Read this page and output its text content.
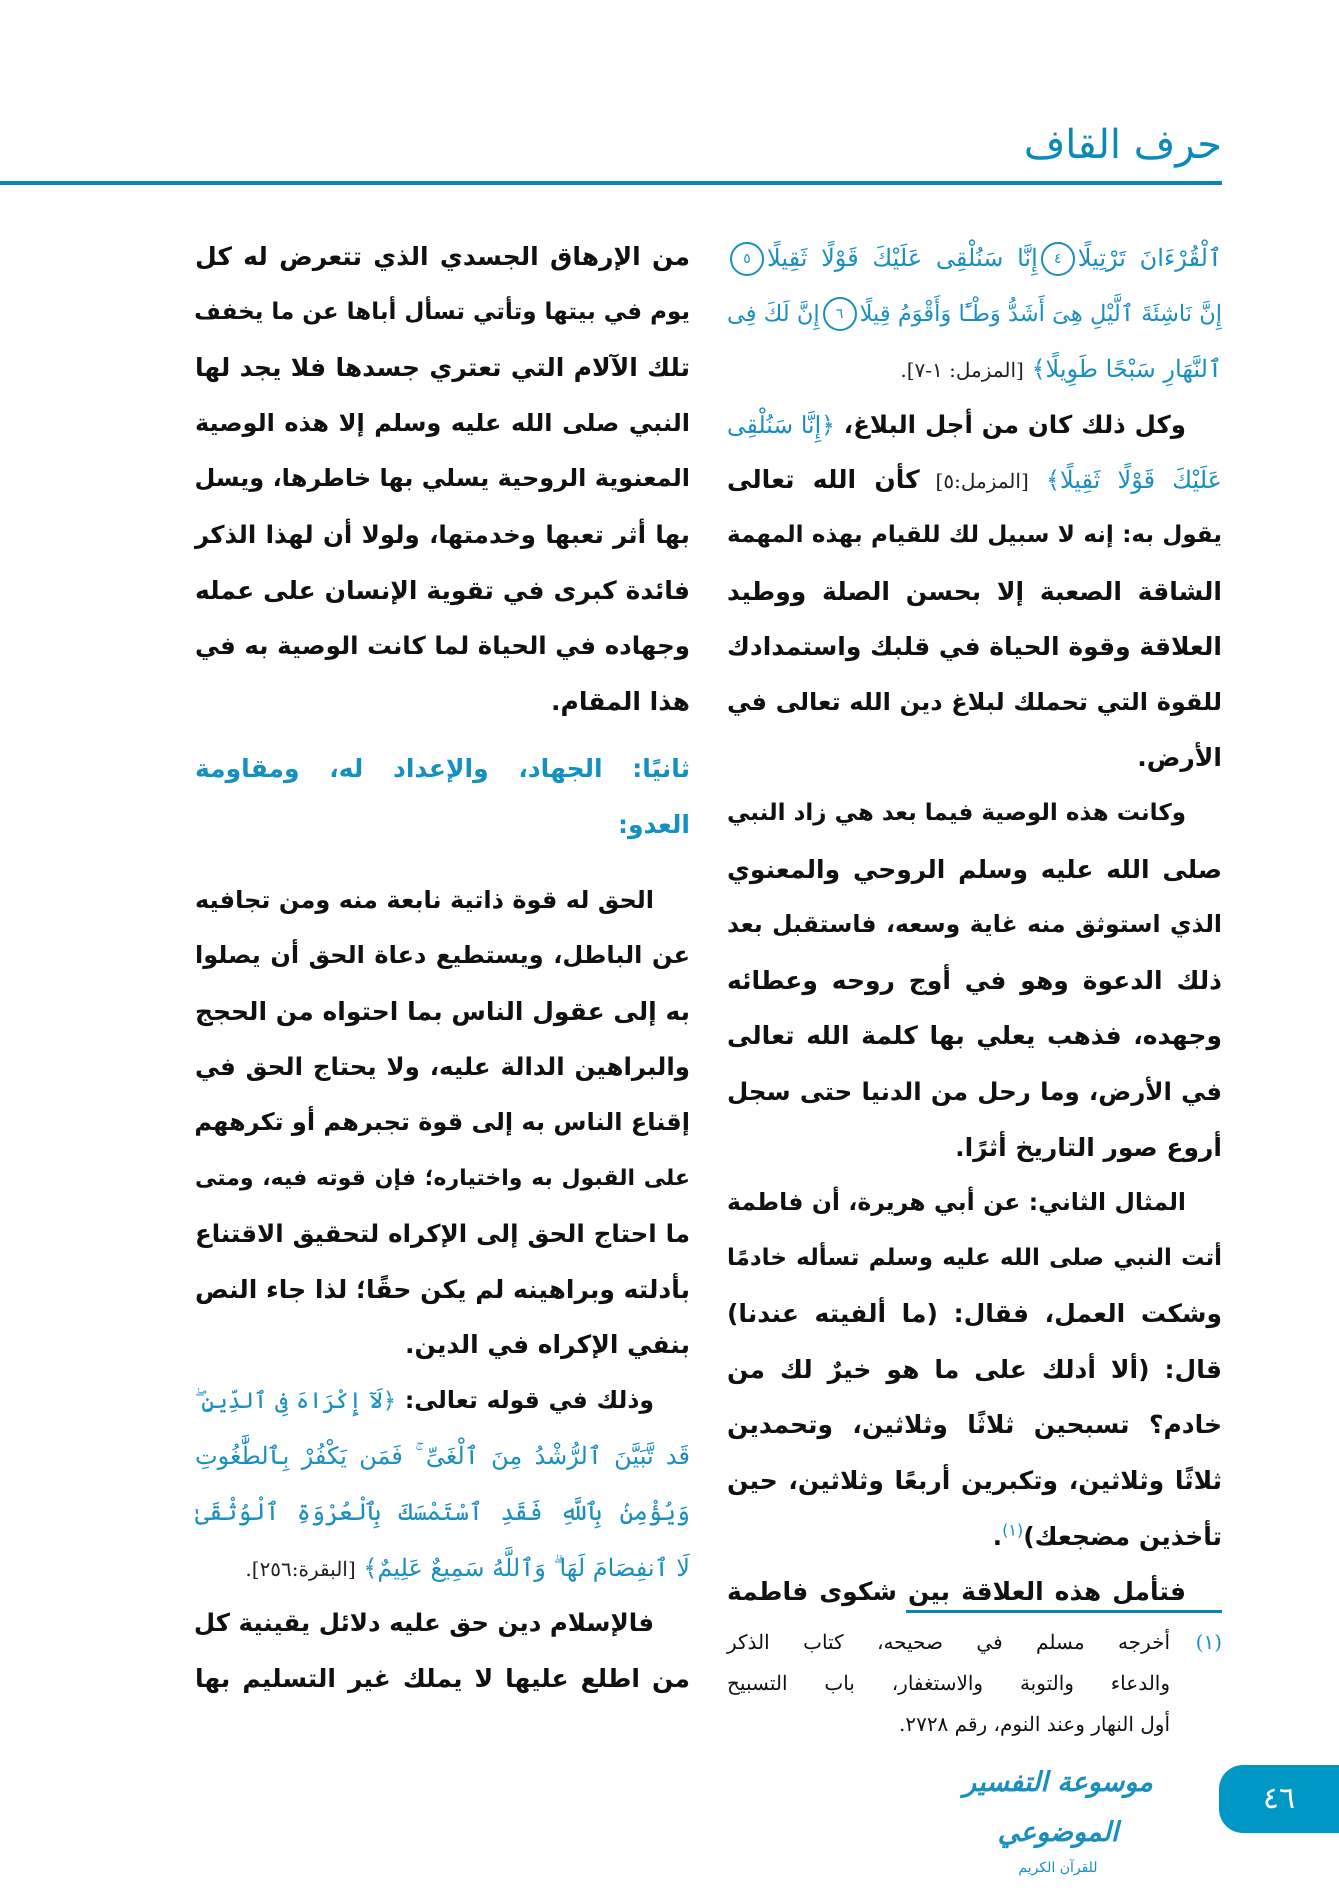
حرف القاف
ٱلْقُرْءَانَ تَرْتِيلًا٤إِنَّا سَنُلْقِى عَلَيْكَ قَوْلًا ثَقِيلًا٥
إِنَّ نَاشِئَةَ ٱلَّيْلِ هِىَ أَشَدُّ وَطْـًٔا وَأَقْوَمُ قِيلًا٦إِنَّ لَكَ فِى
ٱلنَّهَارِ سَبْحًا طَوِيلًا﴾ [المزمل: ١-٧].
وكل ذلك كان من أجل البلاغ، ﴿إِنَّا سَنُلْقِى
عَلَيْكَ قَوْلًا ثَقِيلًا﴾ [المزمل:٥] كأن الله تعالى
يقول به: إنه لا سبيل لك للقيام بهذه المهمة
الشاقة الصعبة إلا بحسن الصلة ووطيد
العلاقة وقوة الحياة في قلبك واستمدادك
للقوة التي تحملك لبلاغ دين الله تعالى في
الأرض.
وكانت هذه الوصية فيما بعد هي زاد النبي
صلى الله عليه وسلم الروحي والمعنوي
الذي استوثق منه غاية وسعه، فاستقبل بعد
ذلك الدعوة وهو في أوج روحه وعطائه
وجهده، فذهب يعلي بها كلمة الله تعالى
في الأرض، وما رحل من الدنيا حتى سجل
أروع صور التاريخ أثرًا.
المثال الثاني: عن أبي هريرة، أن فاطمة
أتت النبي صلى الله عليه وسلم تسأله خادمًا
وشكت العمل، فقال: (ما ألفيته عندنا)
قال: (ألا أدلك على ما هو خيرٌ لك من
خادم؟ تسبحين ثلاثًا وثلاثين، وتحمدين
ثلاثًا وثلاثين، وتكبرين أربعًا وثلاثين، حين
تأخذين مضجعك)$^{(١)}$.
فتأمل هذه العلاقة بين شكوى فاطمة
من الإرهاق الجسدي الذي تتعرض له كل
يوم في بيتها وتأتي تسأل أباها عن ما يخفف
تلك الآلام التي تعتري جسدها فلا يجد لها
النبي صلى الله عليه وسلم إلا هذه الوصية
المعنوية الروحية يسلي بها خاطرها، ويسل
بها أثر تعبها وخدمتها، ولولا أن لهذا الذكر
فائدة كبرى في تقوية الإنسان على عمله
وجهاده في الحياة لما كانت الوصية به في
هذا المقام.
ثانيًا: الجهاد، والإعداد له، ومقاومة
العدو:
الحق له قوة ذاتية نابعة منه ومن تجافيه
عن الباطل، ويستطيع دعاة الحق أن يصلوا
به إلى عقول الناس بما احتواه من الحجج
والبراهين الدالة عليه، ولا يحتاج الحق في
إقناع الناس به إلى قوة تجبرهم أو تكرههم
على القبول به واختياره؛ فإن قوته فيه، ومتى
ما احتاج الحق إلى الإكراه لتحقيق الاقتناع
بأدلته وبراهينه لم يكن حقًا؛ لذا جاء النص
بنفي الإكراه في الدين.
وذلك في قوله تعالى: ﴿لَآ إِكْرَاهَ فِى ٱلدِّينِ ۖ
قَد تَّبَيَّنَ ٱلرُّشْدُ مِنَ ٱلْغَىِّ ۚ فَمَن يَكْفُرْ بِٱلطَّٰغُوتِ
وَيُؤْمِنۢ بِٱللَّهِ فَقَدِ ٱسْتَمْسَكَ بِٱلْعُرْوَةِ ٱلْوُثْقَىٰ
لَا ٱنفِصَامَ لَهَا ۗ وَٱللَّهُ سَمِيعٌ عَلِيمٌ﴾ [البقرة:٢٥٦].
فالإسلام دين حق عليه دلائل يقينية كل
من اطلع عليها لا يملك غير التسليم بها
(١)
أخرجه مسلم في صحيحه، كتاب الذكر
والدعاء والتوبة والاستغفار، باب التسبيح
أول النهار وعند النوم، رقم ٢٧٢٨.
موسوعة التفسير الموضوعي
للقرآن الكريم
٤٦
